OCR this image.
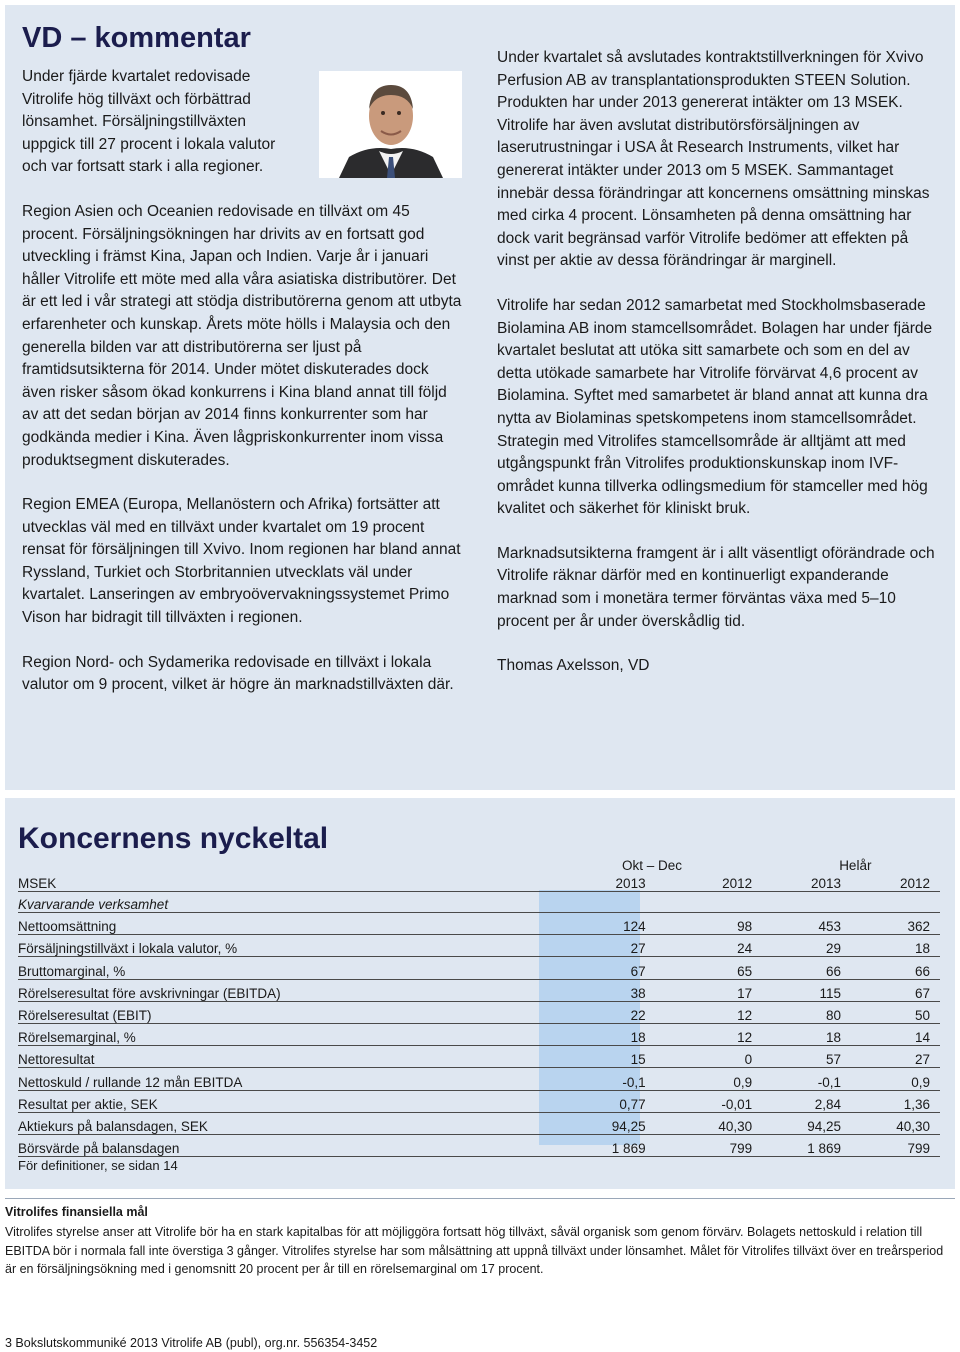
VD – kommentar

Under fjärde kvartalet redovisade Vitrolife hög tillväxt och förbättrad lönsamhet. Försäljningstillväxten uppgick till 27 procent i lokala valutor och var fortsatt stark i alla regioner.

Region Asien och Oceanien redovisade en tillväxt om 45 procent. Försäljningsökningen har drivits av en fortsatt god utveckling i främst Kina, Japan och Indien. Varje år i januari håller Vitrolife ett möte med alla våra asiatiska distributörer. Det är ett led i vår strategi att stödja distributörerna genom att utbyta erfarenheter och kunskap. Årets möte hölls i Malaysia och den generella bilden var att distributörerna ser ljust på framtidsutsikterna för 2014. Under mötet diskuterades dock även risker såsom ökad konkurrens i Kina bland annat till följd av att det sedan början av 2014 finns konkurrenter som har godkända medier i Kina. Även lågpriskonkurrenter inom vissa produktsegment diskuterades.

Region EMEA (Europa, Mellanöstern och Afrika) fortsätter att utvecklas väl med en tillväxt under kvartalet om 19 procent rensat för försäljningen till Xvivo. Inom regionen har bland annat Ryssland, Turkiet och Storbritannien utvecklats väl under kvartalet. Lanseringen av embryoövervakningssystemet Primo Vison har bidragit till tillväxten i regionen.

Region Nord- och Sydamerika redovisade en tillväxt i lokala valutor om 9 procent, vilket är högre än marknadstillväxten där.

Under kvartalet så avslutades kontraktstillverkningen för Xvivo Perfusion AB av transplantationsprodukten STEEN Solution. Produkten har under 2013 genererat intäkter om 13 MSEK. Vitrolife har även avslutat distributörsförsäljningen av laserutrustningar i USA åt Research Instruments, vilket har genererat intäkter under 2013 om 5 MSEK. Sammantaget innebär dessa förändringar att koncernens omsättning minskas med cirka 4 procent. Lönsamheten på denna omsättning har dock varit begränsad varför Vitrolife bedömer att effekten på vinst per aktie av dessa förändringar är marginell.

Vitrolife har sedan 2012 samarbetat med Stockholmsbaserade Biolamina AB inom stamcellsområdet. Bolagen har under fjärde kvartalet beslutat att utöka sitt samarbete och som en del av detta utökade samarbete har Vitrolife förvärvat 4,6 procent av Biolamina. Syftet med samarbetet är bland annat att kunna dra nytta av Biolaminas spetskompetens inom stamcellsområdet. Strategin med Vitrolifes stamcellsområde är alltjämt att med utgångspunkt från Vitrolifes produktionskunskap inom IVF-området kunna tillverka odlingsmedium för stamceller med hög kvalitet och säkerhet för kliniskt bruk.

Marknadsutsikterna framgent är i allt väsentligt oförändrade och Vitrolife räknar därför med en kontinuerligt expanderande marknad som i monetära termer förväntas växa med 5–10 procent per år under överskådlig tid.

Thomas Axelsson, VD

Koncernens nyckeltal
	Okt – Dec		Helår	
MSEK	2013	2012	2013	2012
Kvarvarande verksamhet				
Nettoomsättning	124	98	453	362
Försäljningstillväxt i lokala valutor, %	27	24	29	18
Bruttomarginal, %	67	65	66	66
Rörelseresultat före avskrivningar (EBITDA)	38	17	115	67
Rörelseresultat (EBIT)	22	12	80	50
Rörelsemarginal, %	18	12	18	14
Nettoresultat	15	0	57	27
Nettoskuld / rullande 12 mån EBITDA	-0,1	0,9	-0,1	0,9
Resultat per aktie, SEK	0,77	-0,01	2,84	1,36
Aktiekurs på balansdagen, SEK	94,25	40,30	94,25	40,30
Börsvärde på balansdagen	1 869	799	1 869	799
För definitioner, se sidan 14
Vitrolifes finansiella mål
Vitrolifes styrelse anser att Vitrolife bör ha en stark kapitalbas för att möjliggöra fortsatt hög tillväxt, såväl organisk som genom förvärv. Bolagets nettoskuld i relation till EBITDA bör i normala fall inte överstiga 3 gånger. Vitrolifes styrelse har som målsättning att uppnå tillväxt under lönsamhet. Målet för Vitrolifes tillväxt över en treårsperiod är en försäljningsökning med i genomsnitt 20 procent per år till en rörelsemarginal om 17 procent.
3 Bokslutskommuniké 2013 Vitrolife AB (publ), org.nr. 556354-3452
